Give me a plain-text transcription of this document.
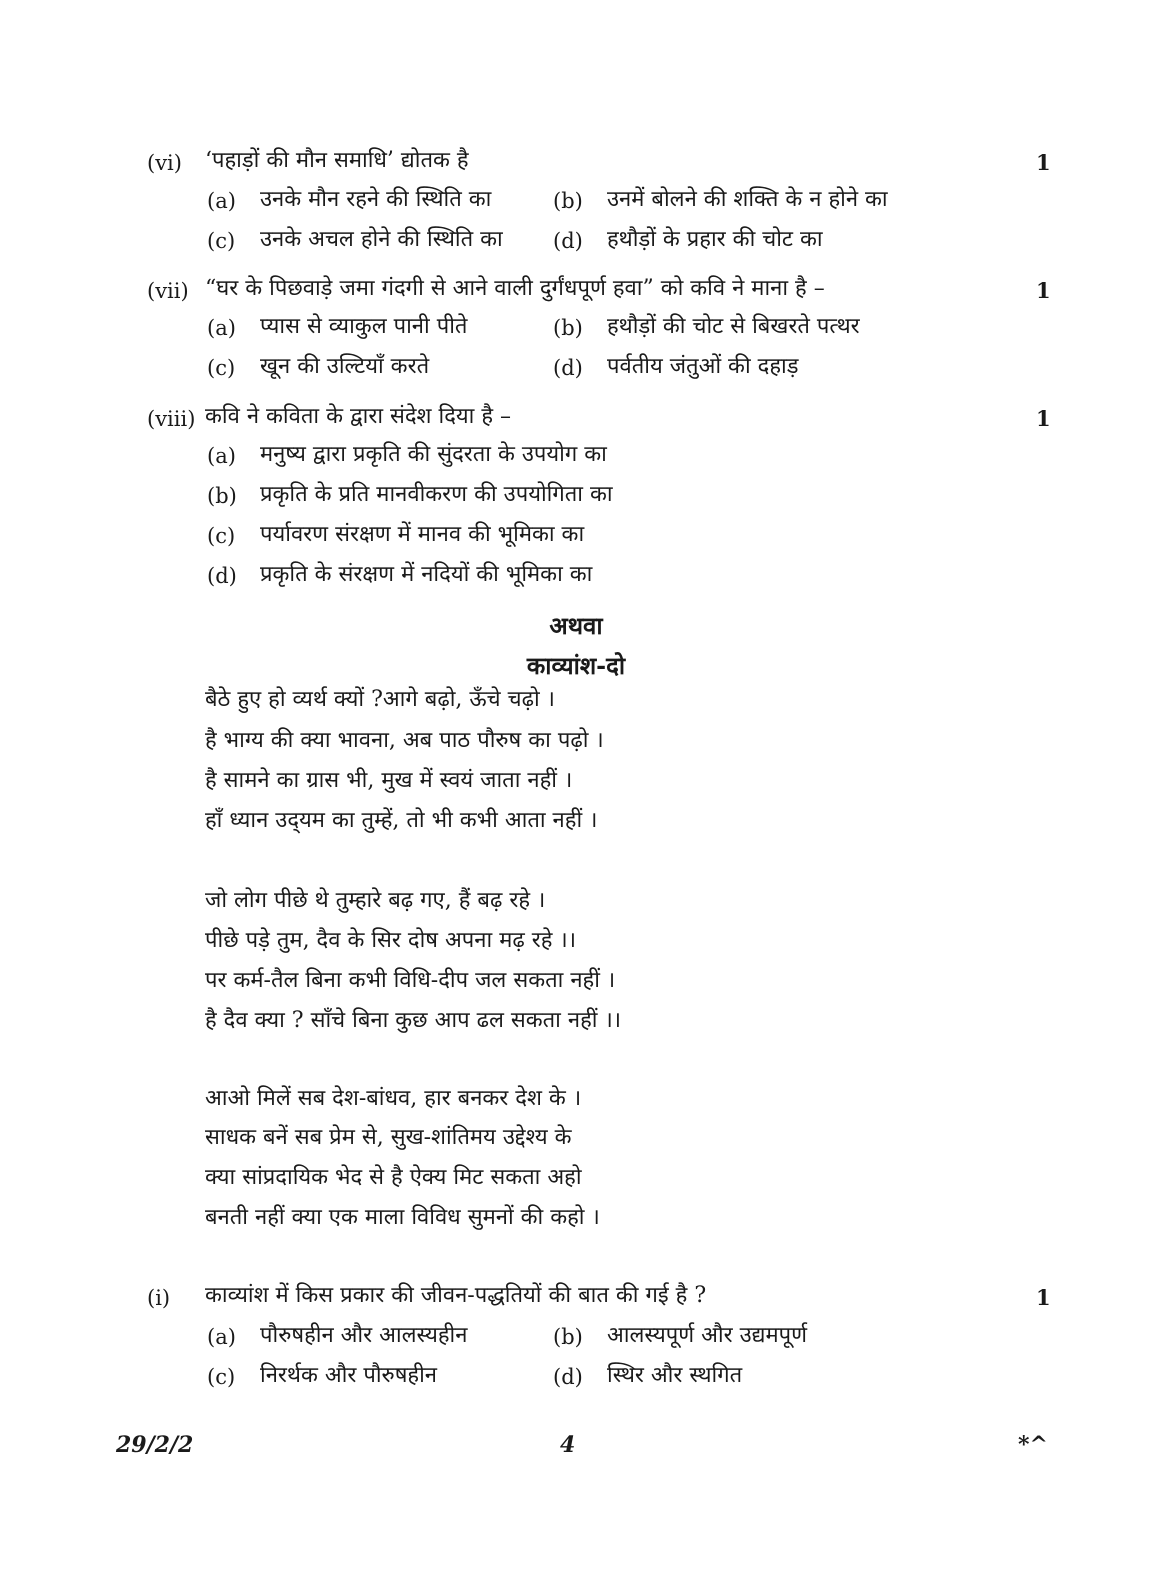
(vi) ‘पहाड़ों की मौन समाधि’ द्योतक है	1
(a) उनके मौन रहने की स्थिति का	(b) उनमें बोलने की शक्ति के न होने का
(c) उनके अचल होने की स्थिति का (d) हथौड़ों के प्रहार की चोट का
(vii) “घर के पिछवाड़े जमा गंदगी से आने वाली दुर्गंधपूर्ण हवा” को कवि ने माना है –	1
(a) प्यास से व्याकुल पानी पीते	(b) हथौड़ों की चोट से बिखरते पत्थर
(c) खून की उल्टियाँ करते	(d) पर्वतीय जंतुओं की दहाड़
(viii) कवि ने कविता के द्वारा संदेश दिया है –	1
(a) मनुष्य द्वारा प्रकृति की सुंदरता के उपयोग का
(b) प्रकृति के प्रति मानवीकरण की उपयोगिता का
(c) पर्यावरण संरक्षण में मानव की भूमिका का
(d) प्रकृति के संरक्षण में नदियों की भूमिका का
अथवा
काव्यांश-दो
बैठे हुए हो व्यर्थ क्यों ?आगे बढ़ो, ऊँचे चढ़ो ।
है भाग्य की क्या भावना, अब पाठ पौरुष का पढ़ो ।
है सामने का ग्रास भी, मुख में स्वयं जाता नहीं ।
हाँ ध्यान उद्‌यम का तुम्हें, तो भी कभी आता नहीं ।
जो लोग पीछे थे तुम्हारे बढ़ गए, हैं बढ़ रहे ।
पीछे पड़े तुम, दैव के सिर दोष अपना मढ़ रहे ।।
पर कर्म-तैल बिना कभी विधि-दीप जल सकता नहीं ।
है दैव क्या ? साँचे बिना कुछ आप ढल सकता नहीं ।।
आओ मिलें सब देश-बांधव, हार बनकर देश के ।
साधक बनें सब प्रेम से, सुख-शांतिमय उद्देश्य के
क्या सांप्रदायिक भेद से है ऐक्य मिट सकता अहो
बनती नहीं क्या एक माला विविध सुमनों की कहो ।
(i) काव्यांश में किस प्रकार की जीवन-पद्धतियों की बात की गई है ?	1
(a) पौरुषहीन और आलस्यहीन	(b) आलस्यपूर्ण और उद्यमपूर्ण
(c) निरर्थक और पौरुषहीन	(d) स्थिर और स्थगित
29/2/2	4	*^
